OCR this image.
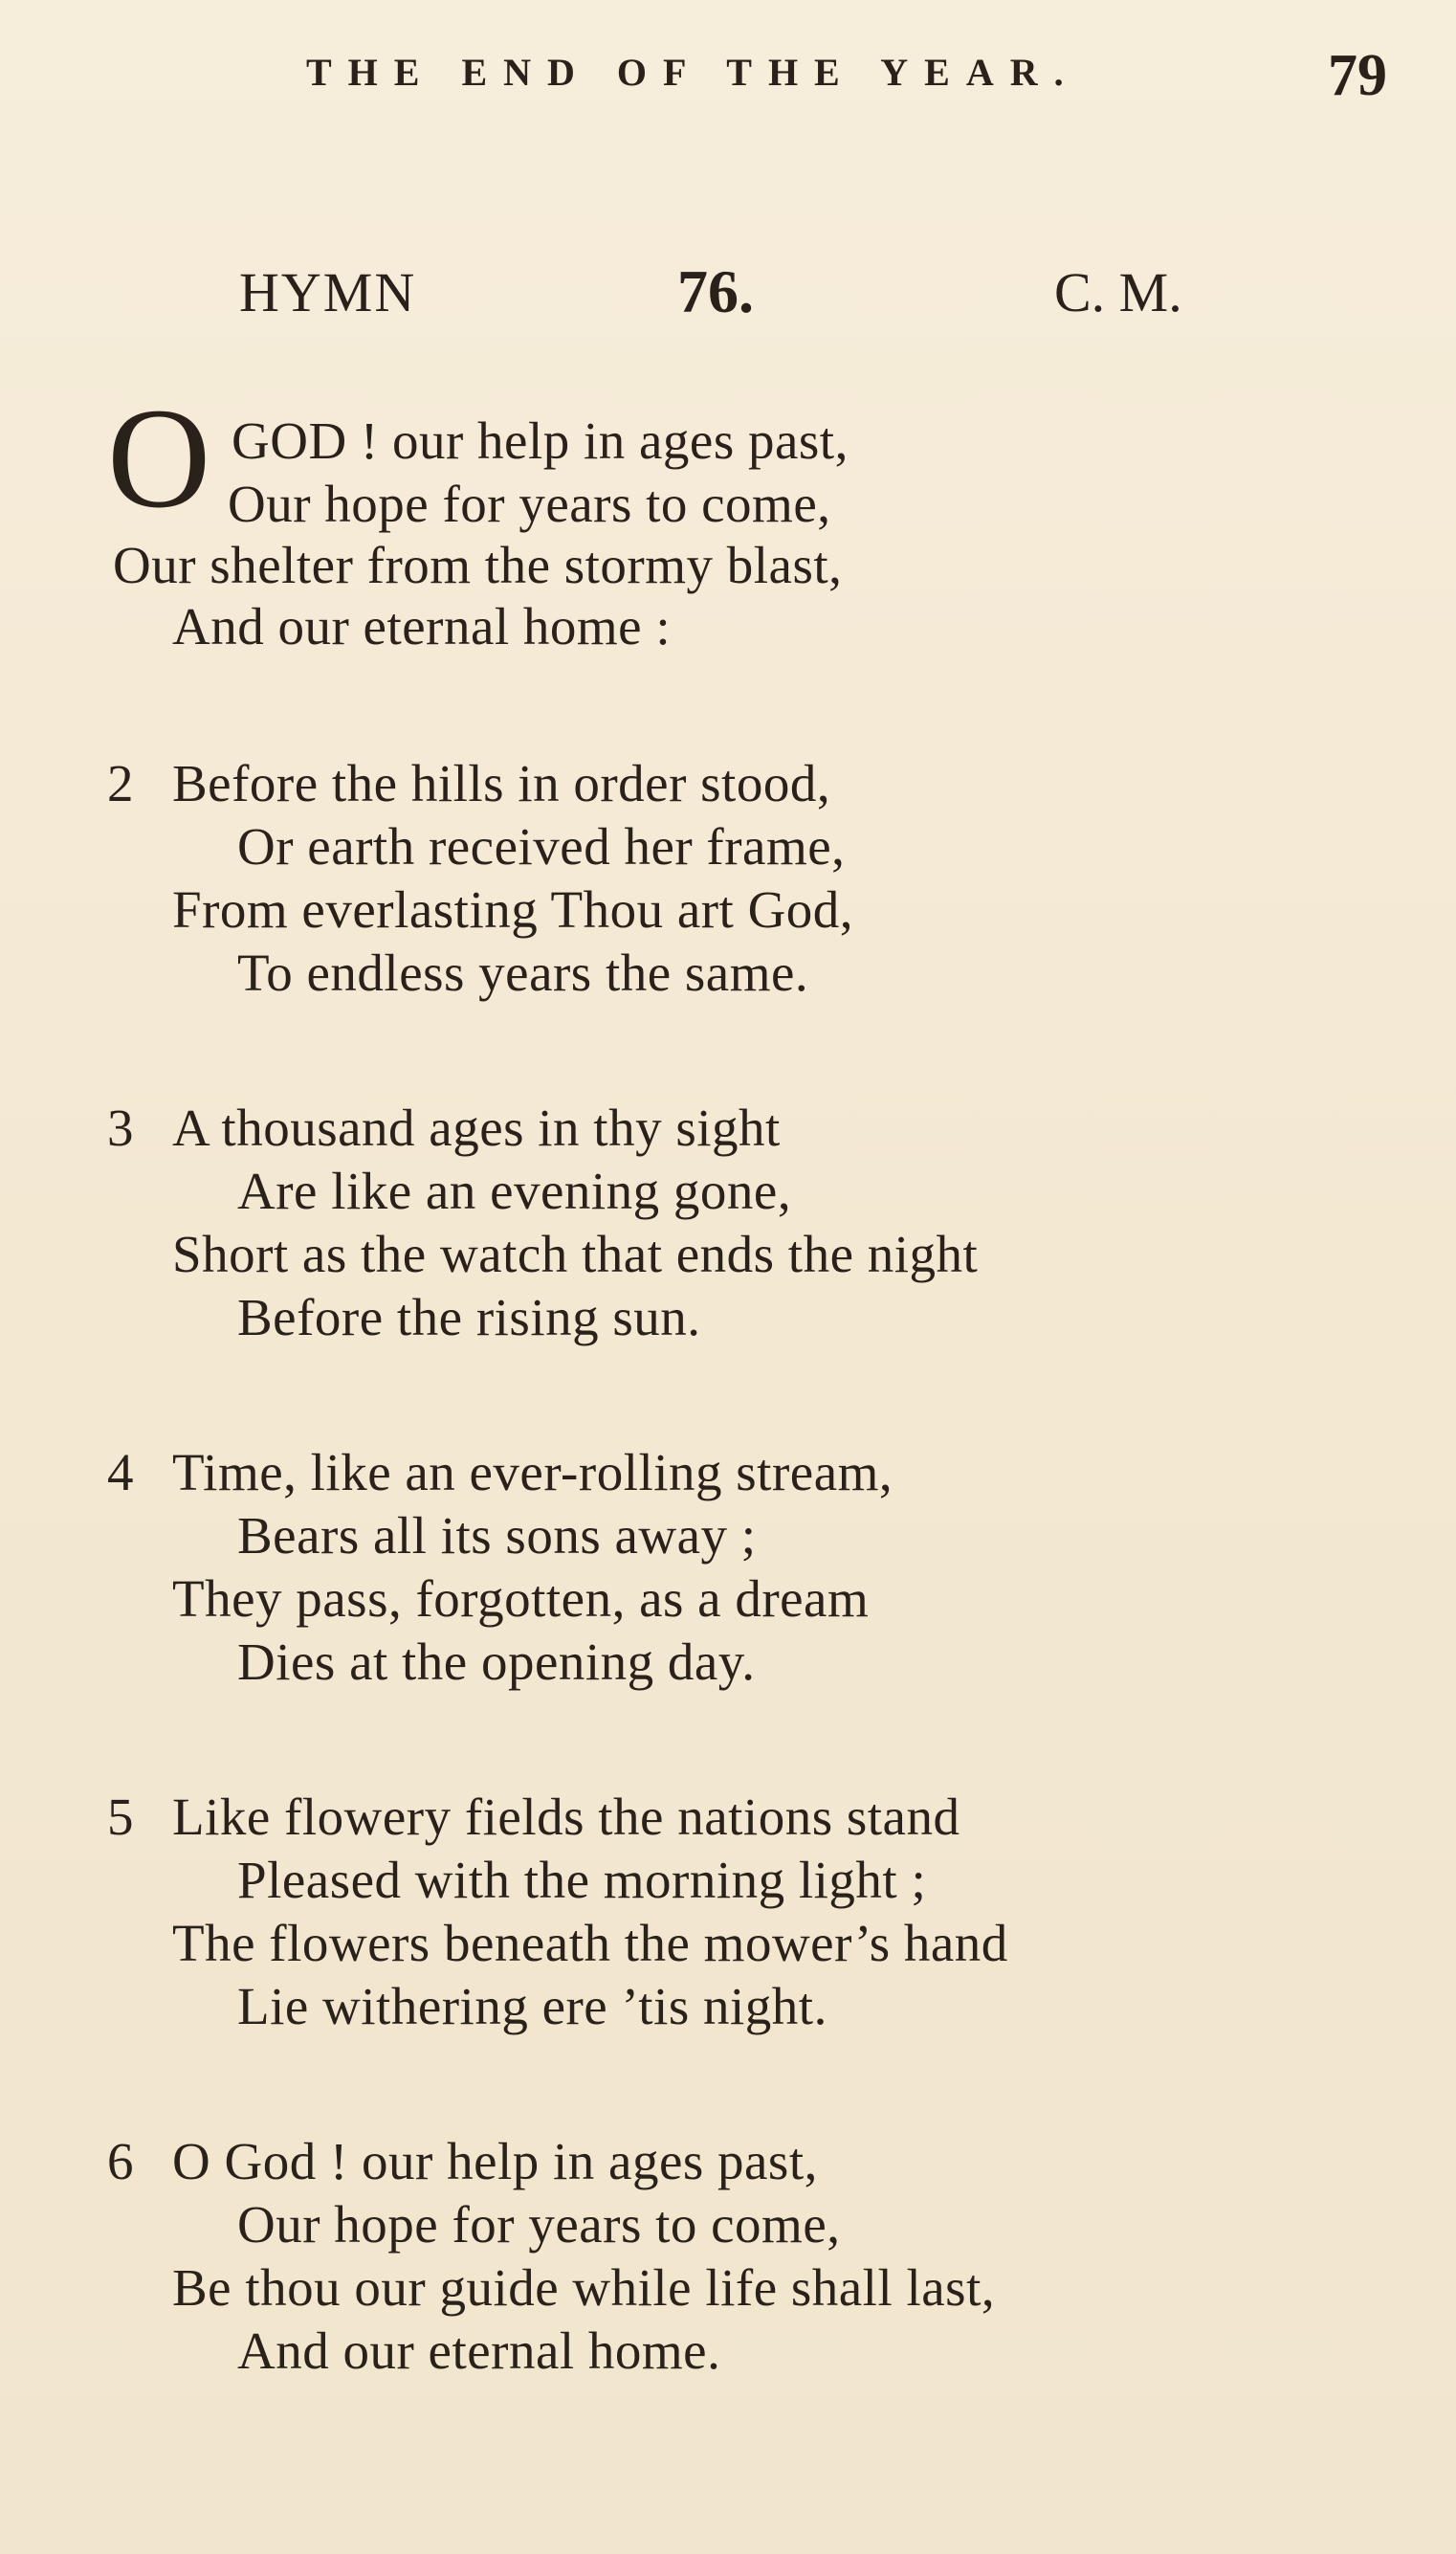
THE END OF THE YEAR.	79
HYMN	76.	C. M.
O GOD ! our help in ages past,
Our hope for years to come,
Our shelter from the stormy blast,
And our eternal home :
2 Before the hills in order stood,
Or earth received her frame,
From everlasting Thou art God,
To endless years the same.
3 A thousand ages in thy sight
Are like an evening gone,
Short as the watch that ends the night
Before the rising sun.
4 Time, like an ever-rolling stream,
Bears all its sons away ;
They pass, forgotten, as a dream
Dies at the opening day.
5 Like flowery fields the nations stand
Pleased with the morning light ;
The flowers beneath the mower’s hand
Lie withering ere ’tis night.
6 O God ! our help in ages past,
Our hope for years to come,
Be thou our guide while life shall last,
And our eternal home.
